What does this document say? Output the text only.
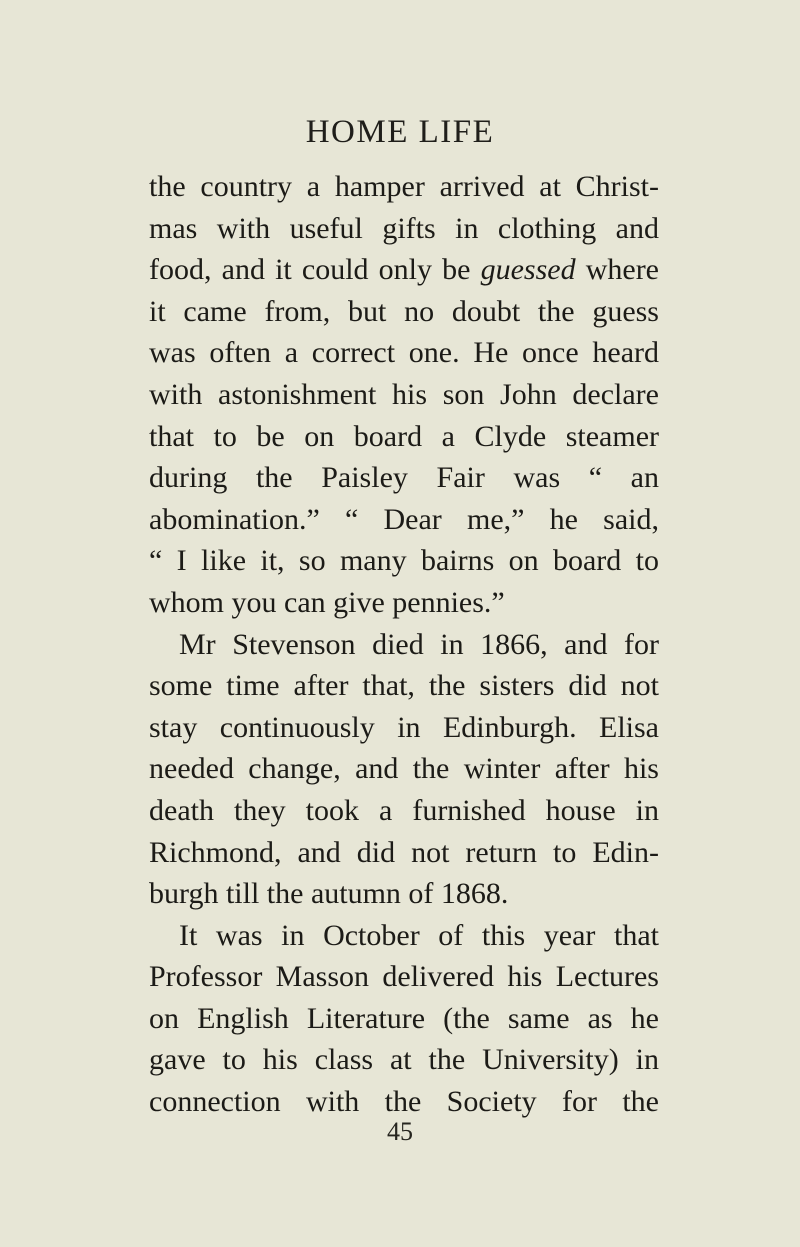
HOME LIFE
the country a hamper arrived at Christ-
mas with useful gifts in clothing and
food, and it could only be guessed where
it came from, but no doubt the guess
was often a correct one. He once heard
with astonishment his son John declare
that to be on board a Clyde steamer
during the Paisley Fair was “ an
abomination.” “ Dear me,” he said,
“ I like it, so many bairns on board to
whom you can give pennies.”
Mr Stevenson died in 1866, and for
some time after that, the sisters did not
stay continuously in Edinburgh. Elisa
needed change, and the winter after his
death they took a furnished house in
Richmond, and did not return to Edin-
burgh till the autumn of 1868.
It was in October of this year that
Professor Masson delivered his Lectures
on English Literature (the same as he
gave to his class at the University) in
connection with the Society for the
45
